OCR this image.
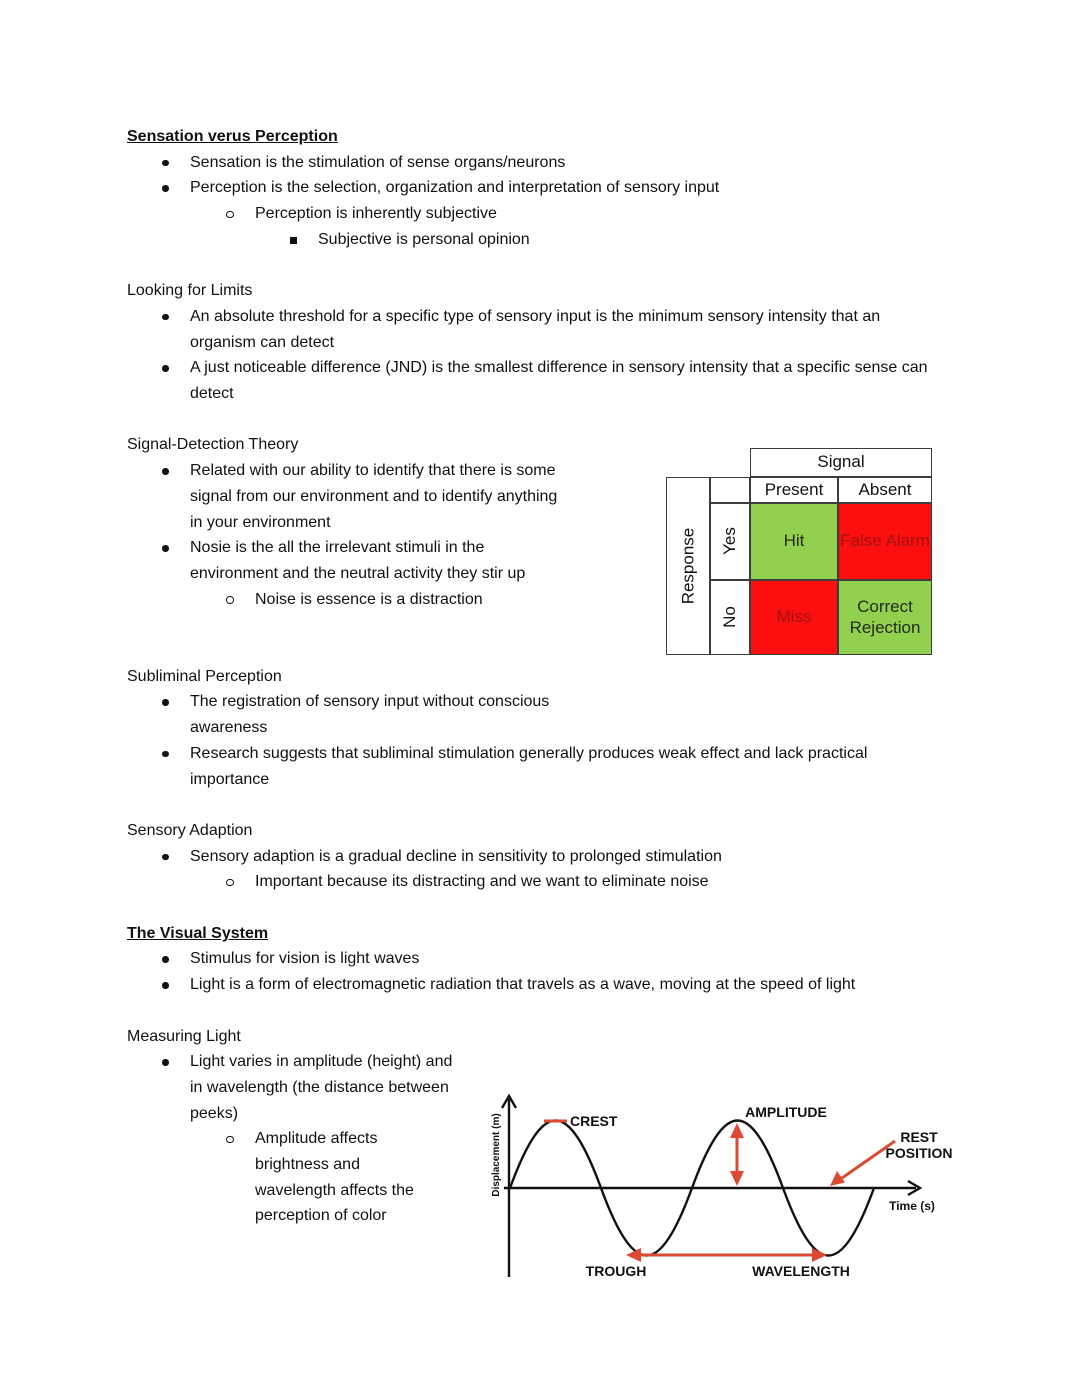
Sensation verus Perception
Sensation is the stimulation of sense organs/neurons
Perception is the selection, organization and interpretation of sensory input
Perception is inherently subjective
Subjective is personal opinion
Looking for Limits
An absolute threshold for a specific type of sensory input is the minimum sensory intensity that an organism can detect
A just noticeable difference (JND) is the smallest difference in sensory intensity that a specific sense can detect
Signal-Detection Theory
Related with our ability to identify that there is some signal from our environment and to identify anything in your environment
Nosie is the all the irrelevant stimuli in the environment and the neutral activity they stir up
Noise is essence is a distraction
Subliminal Perception
The registration of sensory input without conscious awareness
Research suggests that subliminal stimulation generally produces weak effect and lack practical importance
Sensory Adaption
Sensory adaption is a gradual decline in sensitivity to prolonged stimulation
Important because its distracting and we want to eliminate noise
The Visual System
Stimulus for vision is light waves
Light is a form of electromagnetic radiation that travels as a wave, moving at the speed of light
Measuring Light
Light varies in amplitude (height) and in wavelength (the distance between peeks)
Amplitude affects brightness and wavelength affects the perception of color
Signal
Response
Present Absent
Yes
No
Hit False Alarm
Miss
Correct Rejection
CREST
AMPLITUDE
REST
POSITION
TROUGH	WAVELENGTH
Time (s)
Displacement (m)
